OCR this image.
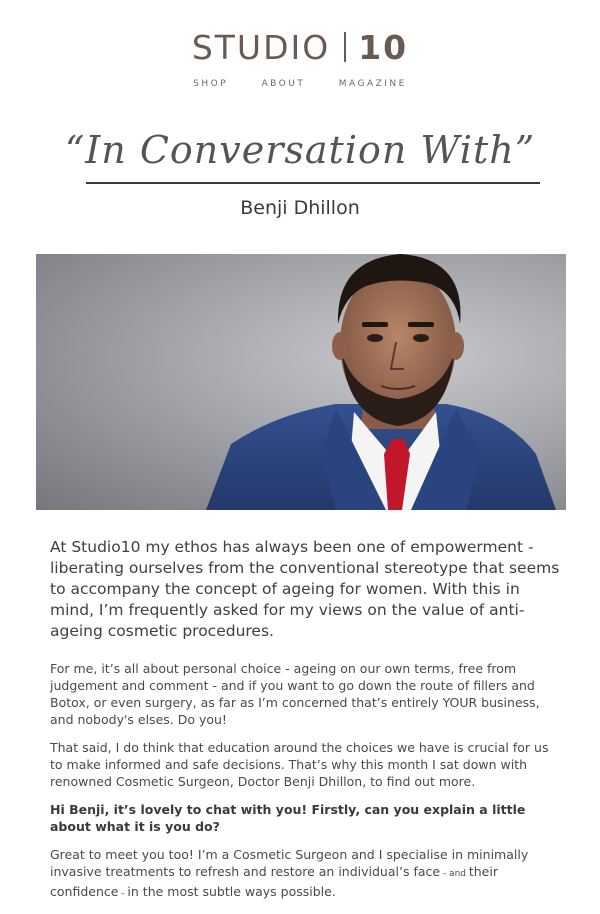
STUDIO 10
SHOP	ABOUT	MAGAZINE
“In Conversation With”
Benji Dhillon

At Studio10 my ethos has always been one of empowerment - liberating ourselves from the conventional stereotype that seems to accompany the concept of ageing for women. With this in mind, I’m frequently asked for my views on the value of anti-ageing cosmetic procedures.

For me, it’s all about personal choice - ageing on our own terms, free from judgement and comment - and if you want to go down the route of fillers and Botox, or even surgery, as far as I’m concerned that’s entirely YOUR business, and nobody's elses. Do you!

That said, I do think that education around the choices we have is crucial for us to make informed and safe decisions. That’s why this month I sat down with renowned Cosmetic Surgeon, Doctor Benji Dhillon, to find out more.

Hi Benji, it’s lovely to chat with you! Firstly, can you explain a little about what it is you do?

Great to meet you too! I’m a Cosmetic Surgeon and I specialise in minimally invasive treatments to refresh and restore an individual’s face - and their confidence - in the most subtle ways possible.
